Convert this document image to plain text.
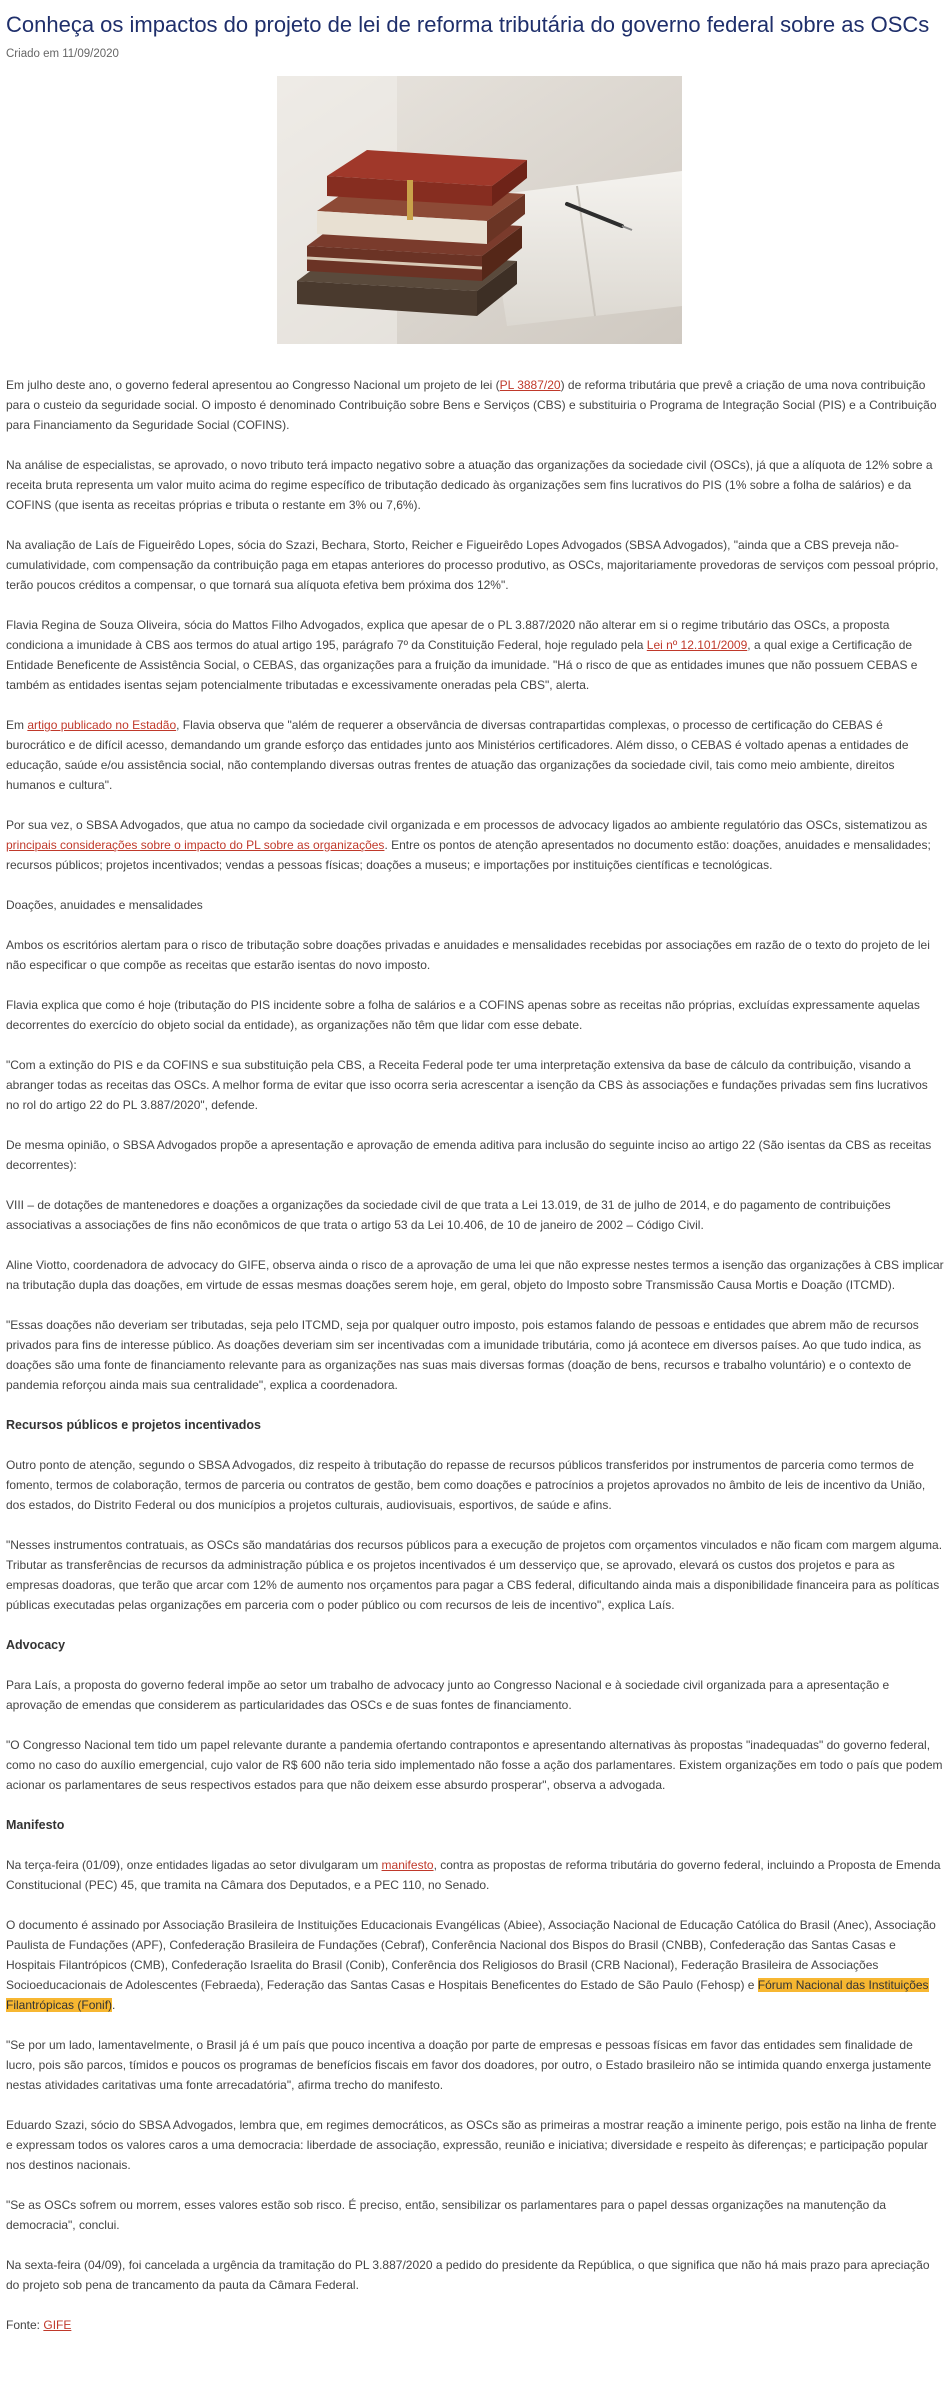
Conheça os impactos do projeto de lei de reforma tributária do governo federal sobre as OSCs
Criado em 11/09/2020

Em julho deste ano, o governo federal apresentou ao Congresso Nacional um projeto de lei (PL 3887/20) de reforma tributária que prevê a criação de uma nova contribuição para o custeio da seguridade social. O imposto é denominado Contribuição sobre Bens e Serviços (CBS) e substituiria o Programa de Integração Social (PIS) e a Contribuição para Financiamento da Seguridade Social (COFINS).

Na análise de especialistas, se aprovado, o novo tributo terá impacto negativo sobre a atuação das organizações da sociedade civil (OSCs), já que a alíquota de 12% sobre a receita bruta representa um valor muito acima do regime específico de tributação dedicado às organizações sem fins lucrativos do PIS (1% sobre a folha de salários) e da COFINS (que isenta as receitas próprias e tributa o restante em 3% ou 7,6%).

Na avaliação de Laís de Figueirêdo Lopes, sócia do Szazi, Bechara, Storto, Reicher e Figueirêdo Lopes Advogados (SBSA Advogados), "ainda que a CBS preveja não-cumulatividade, com compensação da contribuição paga em etapas anteriores do processo produtivo, as OSCs, majoritariamente provedoras de serviços com pessoal próprio, terão poucos créditos a compensar, o que tornará sua alíquota efetiva bem próxima dos 12%".

Flavia Regina de Souza Oliveira, sócia do Mattos Filho Advogados, explica que apesar de o PL 3.887/2020 não alterar em si o regime tributário das OSCs, a proposta condiciona a imunidade à CBS aos termos do atual artigo 195, parágrafo 7º da Constituição Federal, hoje regulado pela Lei nº 12.101/2009, a qual exige a Certificação de Entidade Beneficente de Assistência Social, o CEBAS, das organizações para a fruição da imunidade. "Há o risco de que as entidades imunes que não possuem CEBAS e também as entidades isentas sejam potencialmente tributadas e excessivamente oneradas pela CBS", alerta.

Em artigo publicado no Estadão, Flavia observa que "além de requerer a observância de diversas contrapartidas complexas, o processo de certificação do CEBAS é burocrático e de difícil acesso, demandando um grande esforço das entidades junto aos Ministérios certificadores. Além disso, o CEBAS é voltado apenas a entidades de educação, saúde e/ou assistência social, não contemplando diversas outras frentes de atuação das organizações da sociedade civil, tais como meio ambiente, direitos humanos e cultura".

Por sua vez, o SBSA Advogados, que atua no campo da sociedade civil organizada e em processos de advocacy ligados ao ambiente regulatório das OSCs, sistematizou as principais considerações sobre o impacto do PL sobre as organizações. Entre os pontos de atenção apresentados no documento estão: doações, anuidades e mensalidades; recursos públicos; projetos incentivados; vendas a pessoas físicas; doações a museus; e importações por instituições científicas e tecnológicas.

Doações, anuidades e mensalidades

Ambos os escritórios alertam para o risco de tributação sobre doações privadas e anuidades e mensalidades recebidas por associações em razão de o texto do projeto de lei não especificar o que compõe as receitas que estarão isentas do novo imposto.

Flavia explica que como é hoje (tributação do PIS incidente sobre a folha de salários e a COFINS apenas sobre as receitas não próprias, excluídas expressamente aquelas decorrentes do exercício do objeto social da entidade), as organizações não têm que lidar com esse debate.

"Com a extinção do PIS e da COFINS e sua substituição pela CBS, a Receita Federal pode ter uma interpretação extensiva da base de cálculo da contribuição, visando a abranger todas as receitas das OSCs. A melhor forma de evitar que isso ocorra seria acrescentar a isenção da CBS às associações e fundações privadas sem fins lucrativos no rol do artigo 22 do PL 3.887/2020", defende.

De mesma opinião, o SBSA Advogados propõe a apresentação e aprovação de emenda aditiva para inclusão do seguinte inciso ao artigo 22 (São isentas da CBS as receitas decorrentes):

VIII – de dotações de mantenedores e doações a organizações da sociedade civil de que trata a Lei 13.019, de 31 de julho de 2014, e do pagamento de contribuições associativas a associações de fins não econômicos de que trata o artigo 53 da Lei 10.406, de 10 de janeiro de 2002 – Código Civil.

Aline Viotto, coordenadora de advocacy do GIFE, observa ainda o risco de a aprovação de uma lei que não expresse nestes termos a isenção das organizações à CBS implicar na tributação dupla das doações, em virtude de essas mesmas doações serem hoje, em geral, objeto do Imposto sobre Transmissão Causa Mortis e Doação (ITCMD).

"Essas doações não deveriam ser tributadas, seja pelo ITCMD, seja por qualquer outro imposto, pois estamos falando de pessoas e entidades que abrem mão de recursos privados para fins de interesse público. As doações deveriam sim ser incentivadas com a imunidade tributária, como já acontece em diversos países. Ao que tudo indica, as doações são uma fonte de financiamento relevante para as organizações nas suas mais diversas formas (doação de bens, recursos e trabalho voluntário) e o contexto de pandemia reforçou ainda mais sua centralidade", explica a coordenadora.

Recursos públicos e projetos incentivados

Outro ponto de atenção, segundo o SBSA Advogados, diz respeito à tributação do repasse de recursos públicos transferidos por instrumentos de parceria como termos de fomento, termos de colaboração, termos de parceria ou contratos de gestão, bem como doações e patrocínios a projetos aprovados no âmbito de leis de incentivo da União, dos estados, do Distrito Federal ou dos municípios a projetos culturais, audiovisuais, esportivos, de saúde e afins.

"Nesses instrumentos contratuais, as OSCs são mandatárias dos recursos públicos para a execução de projetos com orçamentos vinculados e não ficam com margem alguma. Tributar as transferências de recursos da administração pública e os projetos incentivados é um desserviço que, se aprovado, elevará os custos dos projetos e para as empresas doadoras, que terão que arcar com 12% de aumento nos orçamentos para pagar a CBS federal, dificultando ainda mais a disponibilidade financeira para as políticas públicas executadas pelas organizações em parceria com o poder público ou com recursos de leis de incentivo", explica Laís.

Advocacy

Para Laís, a proposta do governo federal impõe ao setor um trabalho de advocacy junto ao Congresso Nacional e à sociedade civil organizada para a apresentação e aprovação de emendas que considerem as particularidades das OSCs e de suas fontes de financiamento.

"O Congresso Nacional tem tido um papel relevante durante a pandemia ofertando contrapontos e apresentando alternativas às propostas "inadequadas" do governo federal, como no caso do auxílio emergencial, cujo valor de R$ 600 não teria sido implementado não fosse a ação dos parlamentares. Existem organizações em todo o país que podem acionar os parlamentares de seus respectivos estados para que não deixem esse absurdo prosperar", observa a advogada.

Manifesto

Na terça-feira (01/09), onze entidades ligadas ao setor divulgaram um manifesto, contra as propostas de reforma tributária do governo federal, incluindo a Proposta de Emenda Constitucional (PEC) 45, que tramita na Câmara dos Deputados, e a PEC 110, no Senado.

O documento é assinado por Associação Brasileira de Instituições Educacionais Evangélicas (Abiee), Associação Nacional de Educação Católica do Brasil (Anec), Associação Paulista de Fundações (APF), Confederação Brasileira de Fundações (Cebraf), Conferência Nacional dos Bispos do Brasil (CNBB), Confederação das Santas Casas e Hospitais Filantrópicos (CMB), Confederação Israelita do Brasil (Conib), Conferência dos Religiosos do Brasil (CRB Nacional), Federação Brasileira de Associações Socioeducacionais de Adolescentes (Febraeda), Federação das Santas Casas e Hospitais Beneficentes do Estado de São Paulo (Fehosp) e Fórum Nacional das Instituições Filantrópicas (Fonif).

"Se por um lado, lamentavelmente, o Brasil já é um país que pouco incentiva a doação por parte de empresas e pessoas físicas em favor das entidades sem finalidade de lucro, pois são parcos, tímidos e poucos os programas de benefícios fiscais em favor dos doadores, por outro, o Estado brasileiro não se intimida quando enxerga justamente nestas atividades caritativas uma fonte arrecadatória", afirma trecho do manifesto.

Eduardo Szazi, sócio do SBSA Advogados, lembra que, em regimes democráticos, as OSCs são as primeiras a mostrar reação a iminente perigo, pois estão na linha de frente e expressam todos os valores caros a uma democracia: liberdade de associação, expressão, reunião e iniciativa; diversidade e respeito às diferenças; e participação popular nos destinos nacionais.

"Se as OSCs sofrem ou morrem, esses valores estão sob risco. É preciso, então, sensibilizar os parlamentares para o papel dessas organizações na manutenção da democracia", conclui.

Na sexta-feira (04/09), foi cancelada a urgência da tramitação do PL 3.887/2020 a pedido do presidente da República, o que significa que não há mais prazo para apreciação do projeto sob pena de trancamento da pauta da Câmara Federal.

Fonte: GIFE
